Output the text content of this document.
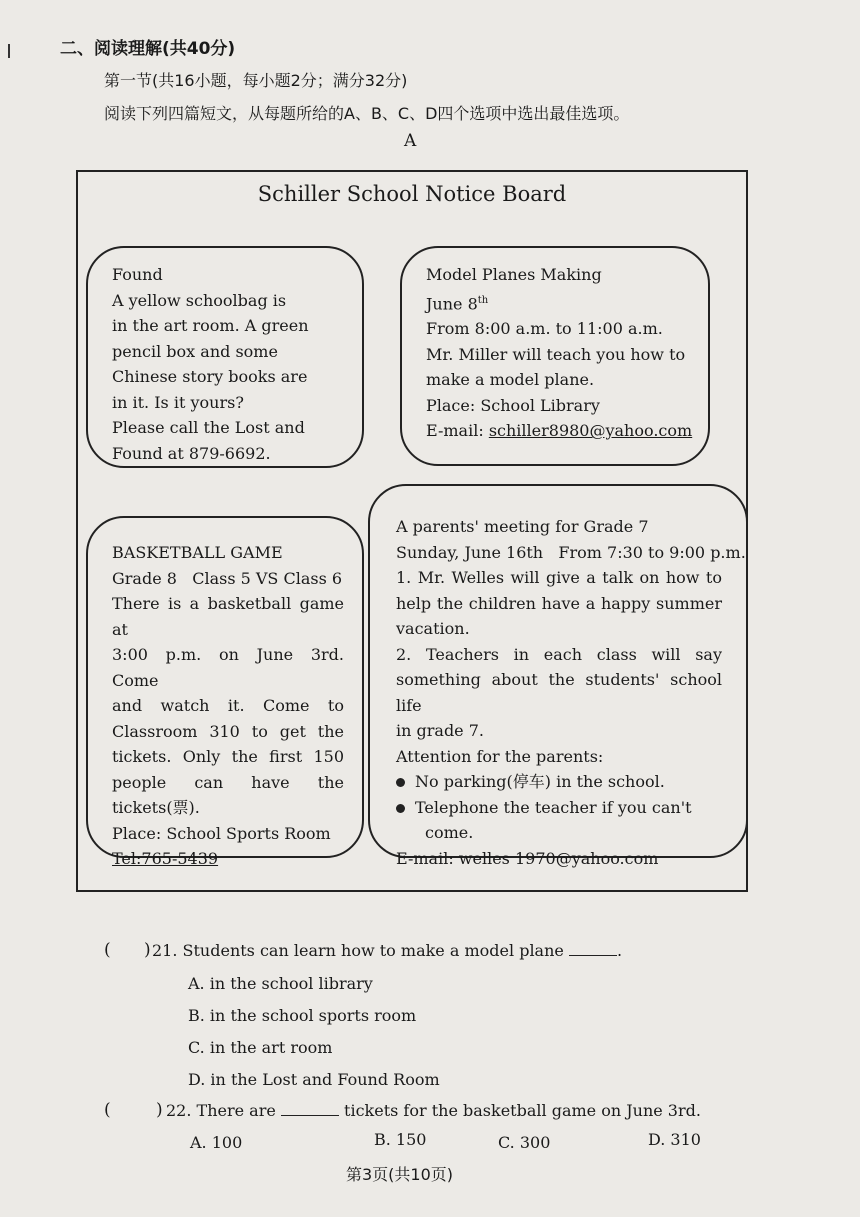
二、阅读理解(共40分)
第一节(共16小题，每小题2分；满分32分)
阅读下列四篇短文，从每题所给的A、B、C、D四个选项中选出最佳选项。
A
Schiller School Notice Board

Found

A yellow schoolbag is

in the art room. A green

pencil box and some

Chinese story books are

in it. Is it yours?

Please call the Lost and

Found at 879-6692.

Model Planes Making

June 8th

From 8:00 a.m. to 11:00 a.m.

Mr. Miller will teach you how to

make a model plane.

Place: School Library

E-mail: schiller8980@yahoo.com

BASKETBALL GAME

Grade 8   Class 5 VS Class 6

There is a basketball game at

3:00 p.m. on June 3rd. Come

and watch it. Come to

Classroom 310 to get the

tickets. Only the first 150

people can have the

tickets(票).

Place: School Sports Room

Tel:765-5439

A parents' meeting for Grade 7

Sunday, June 16th   From 7:30 to 9:00 p.m.

1. Mr. Welles will give a talk on how to

help the children have a happy summer

vacation.

2. Teachers in each class will say

something about the students' school life

in grade 7.

Attention for the parents:

No parking(停车) in the school.

Telephone the teacher if you can't

come.

E-mail: welles 1970@yahoo.com

( ) 21. Students can learn how to make a model plane	.
A. in the school library
B. in the school sports room
C. in the art room
D. in the Lost and Found Room
(	) 22. There are	tickets for the basketball game on June 3rd.
A. 100	B. 150	C. 300	D. 310
第3页(共10页)
